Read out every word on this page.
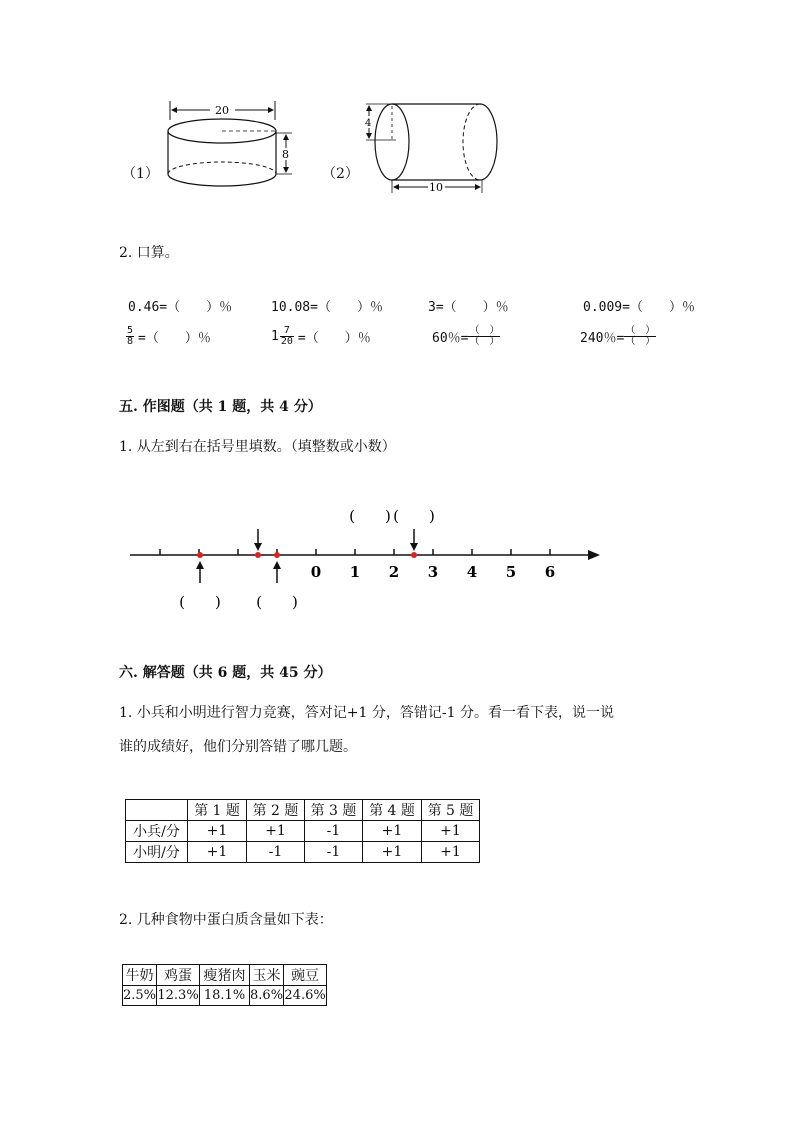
（1）
20
8
（2）
4
10
2. 口算。
0.46=（　　）％	10.08=（　　）％	3=（　　）％	0.009=（　　）％
$\frac{5}{8}$ =（　　）％	$1 \frac{7}{20}$ =（　　）％	60％= $\frac{( )}{( )}$	240％= $\frac{( )}{( )}$
五. 作图题（共 1 题，共 4 分）
1. 从左到右在括号里填数。（填整数或小数）
(　　) (　　)
0 1 2 3 4 5 6
(　　) (　　)
六. 解答题（共 6 题，共 45 分）
1. 小兵和小明进行智力竞赛，答对记+1 分，答错记-1 分。看一看下表，说一说
谁的成绩好，他们分别答错了哪几题。
	第 1 题	第 2 题	第 3 题	第 4 题	第 5 题
小兵/分	+1	+1	-1	+1	+1
小明/分	+1	-1	-1	+1	+1
2. 几种食物中蛋白质含量如下表：
牛奶	鸡蛋	瘦猪肉	玉米	豌豆
2.5%	12.3%	18.1%	8.6%	24.6%
